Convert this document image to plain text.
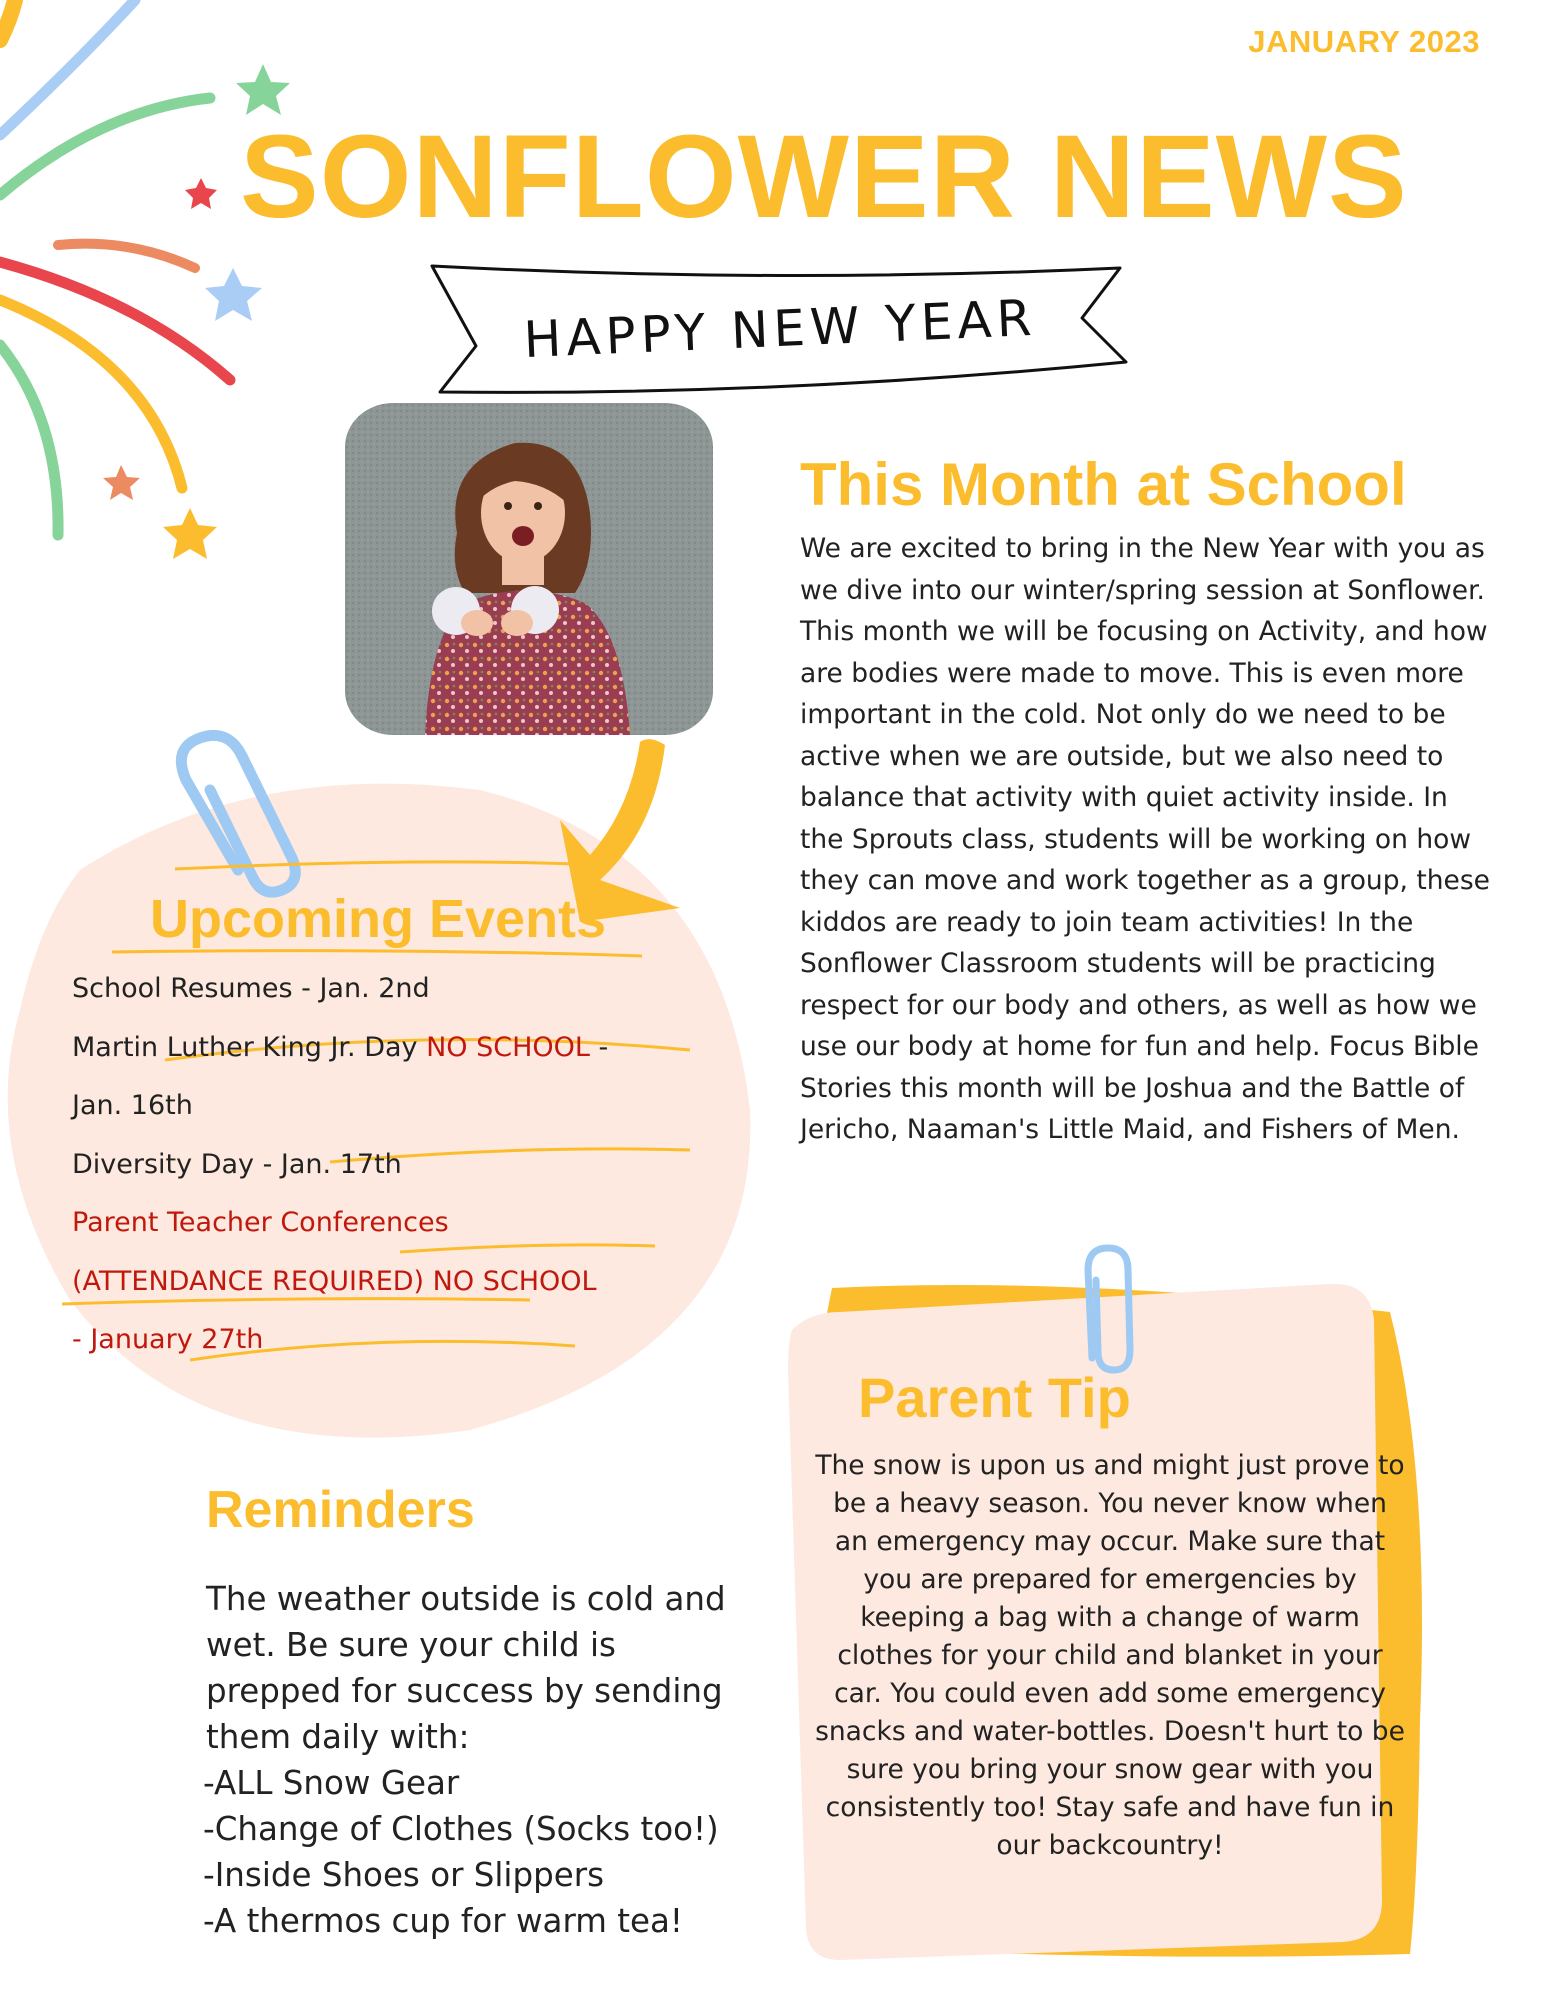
JANUARY 2023
SONFLOWER NEWS
HAPPY NEW YEAR
This Month at School
We are excited to bring in the New Year with you as we dive into our winter/spring session at Sonflower. This month we will be focusing on Activity, and how are bodies were made to move. This is even more important in the cold. Not only do we need to be active when we are outside, but we also need to balance that activity with quiet activity inside. In the Sprouts class, students will be working on how they can move and work together as a group, these kiddos are ready to join team activities! In the Sonflower Classroom students will be practicing respect for our body and others, as well as how we use our body at home for fun and help. Focus Bible Stories this month will be Joshua and the Battle of Jericho, Naaman's Little Maid, and Fishers of Men.
Upcoming Events

School Resumes - Jan. 2nd

Martin Luther King Jr. Day NO SCHOOL -

Jan. 16th

Diversity Day - Jan. 17th

Parent Teacher Conferences

(ATTENDANCE REQUIRED) NO SCHOOL

- January 27th

Reminders
The weather outside is cold and wet. Be sure your child is prepped for success by sending them daily with:
-ALL Snow Gear
-Change of Clothes (Socks too!)
-Inside Shoes or Slippers
-A thermos cup for warm tea!
Parent Tip
The snow is upon us and might just prove to be a heavy season. You never know when an emergency may occur. Make sure that you are prepared for emergencies by keeping a bag with a change of warm clothes for your child and blanket in your car. You could even add some emergency snacks and water-bottles. Doesn't hurt to be sure you bring your snow gear with you consistently too! Stay safe and have fun in our backcountry!
